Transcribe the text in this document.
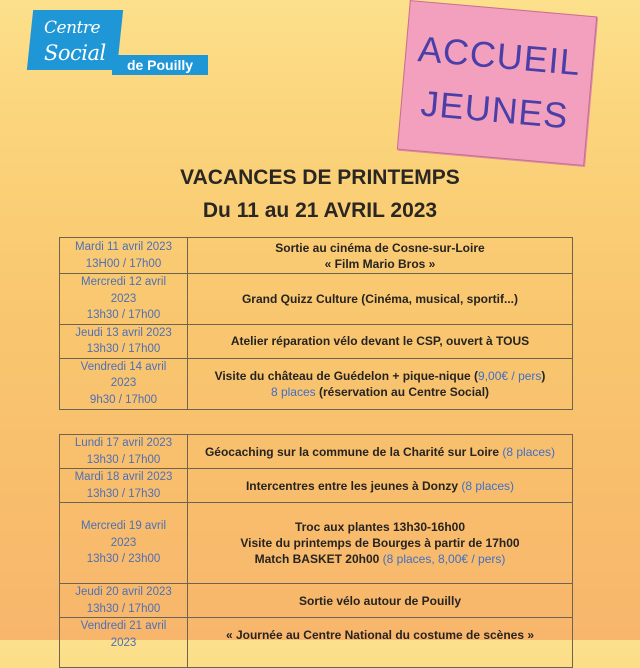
Centre
Social	de Pouilly	ACCUEIL
JEUNES
VACANCES DE PRINTEMPS
Du 11 au 21 AVRIL 2023
Mardi 11 avril 2023
13H00 / 17h00	Sortie au cinéma de Cosne-sur-Loire
« Film Mario Bros »

Mercredi 12 avril
2023
13h30 / 17h00	Grand Quizz Culture (Cinéma, musical, sportif...)

Jeudi 13 avril 2023
13h30 / 17h00	Atelier réparation vélo devant le CSP, ouvert à TOUS

Vendredi 14 avril
2023
9h30 / 17h00	Visite du château de Guédelon + pique-nique (9,00€ / pers)
8 places (réservation au Centre Social)
Lundi 17 avril 2023
13h30 / 17h00	Géocaching sur la commune de la Charité sur Loire (8 places)

Mardi 18 avril 2023
13h30 / 17h30	Intercentres entre les jeunes à Donzy (8 places)

Mercredi 19 avril
2023
13h30 / 23h00	Troc aux plantes 13h30-16h00
Visite du printemps de Bourges à partir de 17h00
Match BASKET 20h00 (8 places, 8,00€ / pers)

Jeudi 20 avril 2023
13h30 / 17h00	Sortie vélo autour de Pouilly

Vendredi 21 avril
2023	« Journée au Centre National du costume de scènes »
